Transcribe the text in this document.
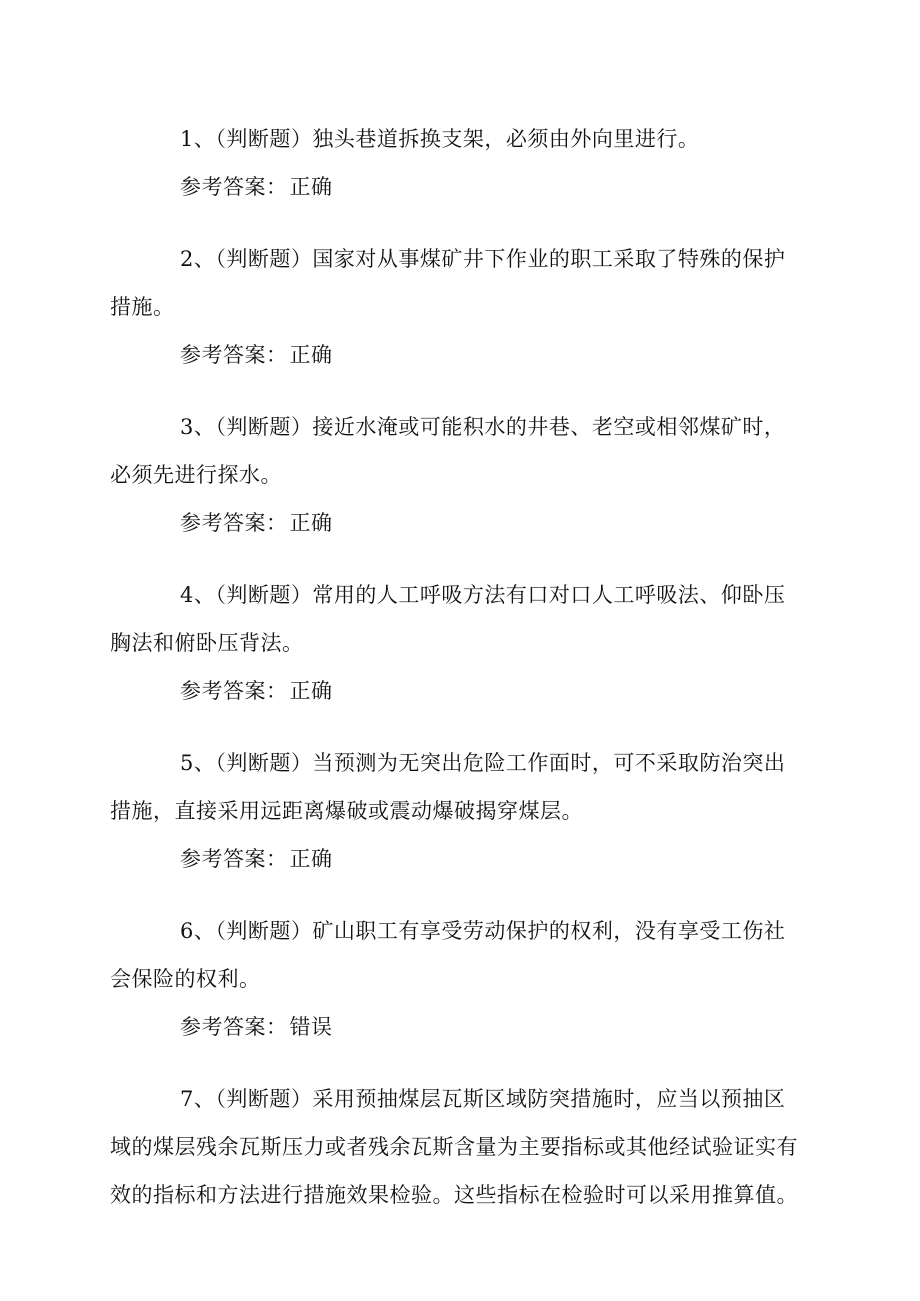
1、（判断题）独头巷道拆换支架，必须由外向里进行。

参考答案：正确

2、（判断题）国家对从事煤矿井下作业的职工采取了特殊的保护措施。

参考答案：正确

3、（判断题）接近水淹或可能积水的井巷、老空或相邻煤矿时，必须先进行探水。

参考答案：正确

4、（判断题）常用的人工呼吸方法有口对口人工呼吸法、仰卧压胸法和俯卧压背法。

参考答案：正确

5、（判断题）当预测为无突出危险工作面时，可不采取防治突出措施，直接采用远距离爆破或震动爆破揭穿煤层。

参考答案：正确

6、（判断题）矿山职工有享受劳动保护的权利，没有享受工伤社会保险的权利。

参考答案：错误

7、（判断题）采用预抽煤层瓦斯区域防突措施时，应当以预抽区域的煤层残余瓦斯压力或者残余瓦斯含量为主要指标或其他经试验证实有效的指标和方法进行措施效果检验。这些指标在检验时可以采用推算值。
